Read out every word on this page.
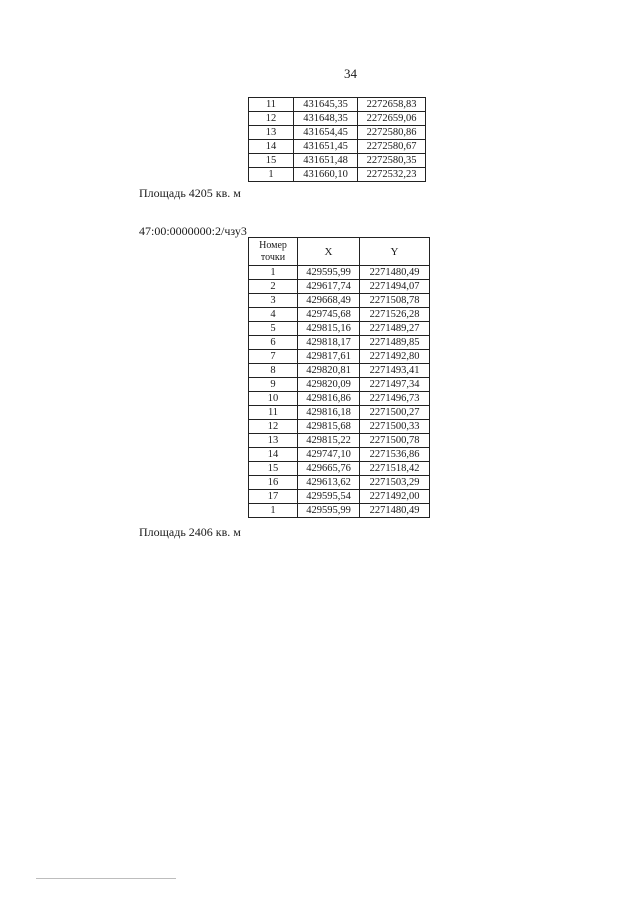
34
11	431645,35	2272658,83
12	431648,35	2272659,06
13	431654,45	2272580,86
14	431651,45	2272580,67
15	431651,48	2272580,35
1	431660,10	2272532,23
Площадь 4205 кв. м
47:00:0000000:2/чзу3
Номер точки	X	Y
1	429595,99	2271480,49
2	429617,74	2271494,07
3	429668,49	2271508,78
4	429745,68	2271526,28
5	429815,16	2271489,27
6	429818,17	2271489,85
7	429817,61	2271492,80
8	429820,81	2271493,41
9	429820,09	2271497,34
10	429816,86	2271496,73
11	429816,18	2271500,27
12	429815,68	2271500,33
13	429815,22	2271500,78
14	429747,10	2271536,86
15	429665,76	2271518,42
16	429613,62	2271503,29
17	429595,54	2271492,00
1	429595,99	2271480,49
Площадь 2406 кв. м
